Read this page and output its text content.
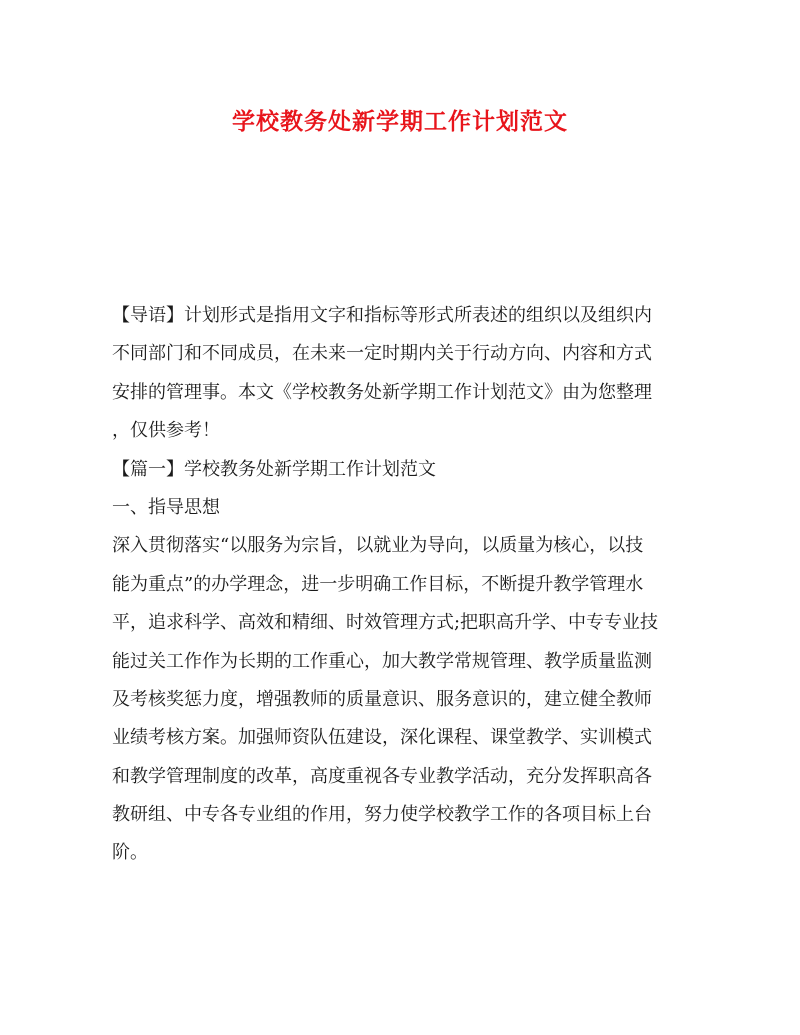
学校教务处新学期工作计划范文
【导语】计划形式是指用文字和指标等形式所表述的组织以及组织内
不同部门和不同成员，在未来一定时期内关于行动方向、内容和方式
安排的管理事。本文《学校教务处新学期工作计划范文》由为您整理
，仅供参考！
【篇一】学校教务处新学期工作计划范文
一、指导思想
深入贯彻落实“以服务为宗旨，以就业为导向，以质量为核心，以技
能为重点”的办学理念，进一步明确工作目标，不断提升教学管理水
平，追求科学、高效和精细、时效管理方式;把职高升学、中专专业技
能过关工作作为长期的工作重心，加大教学常规管理、教学质量监测
及考核奖惩力度，增强教师的质量意识、服务意识的，建立健全教师
业绩考核方案。加强师资队伍建设，深化课程、课堂教学、实训模式
和教学管理制度的改革，高度重视各专业教学活动，充分发挥职高各
教研组、中专各专业组的作用，努力使学校教学工作的各项目标上台
阶。
